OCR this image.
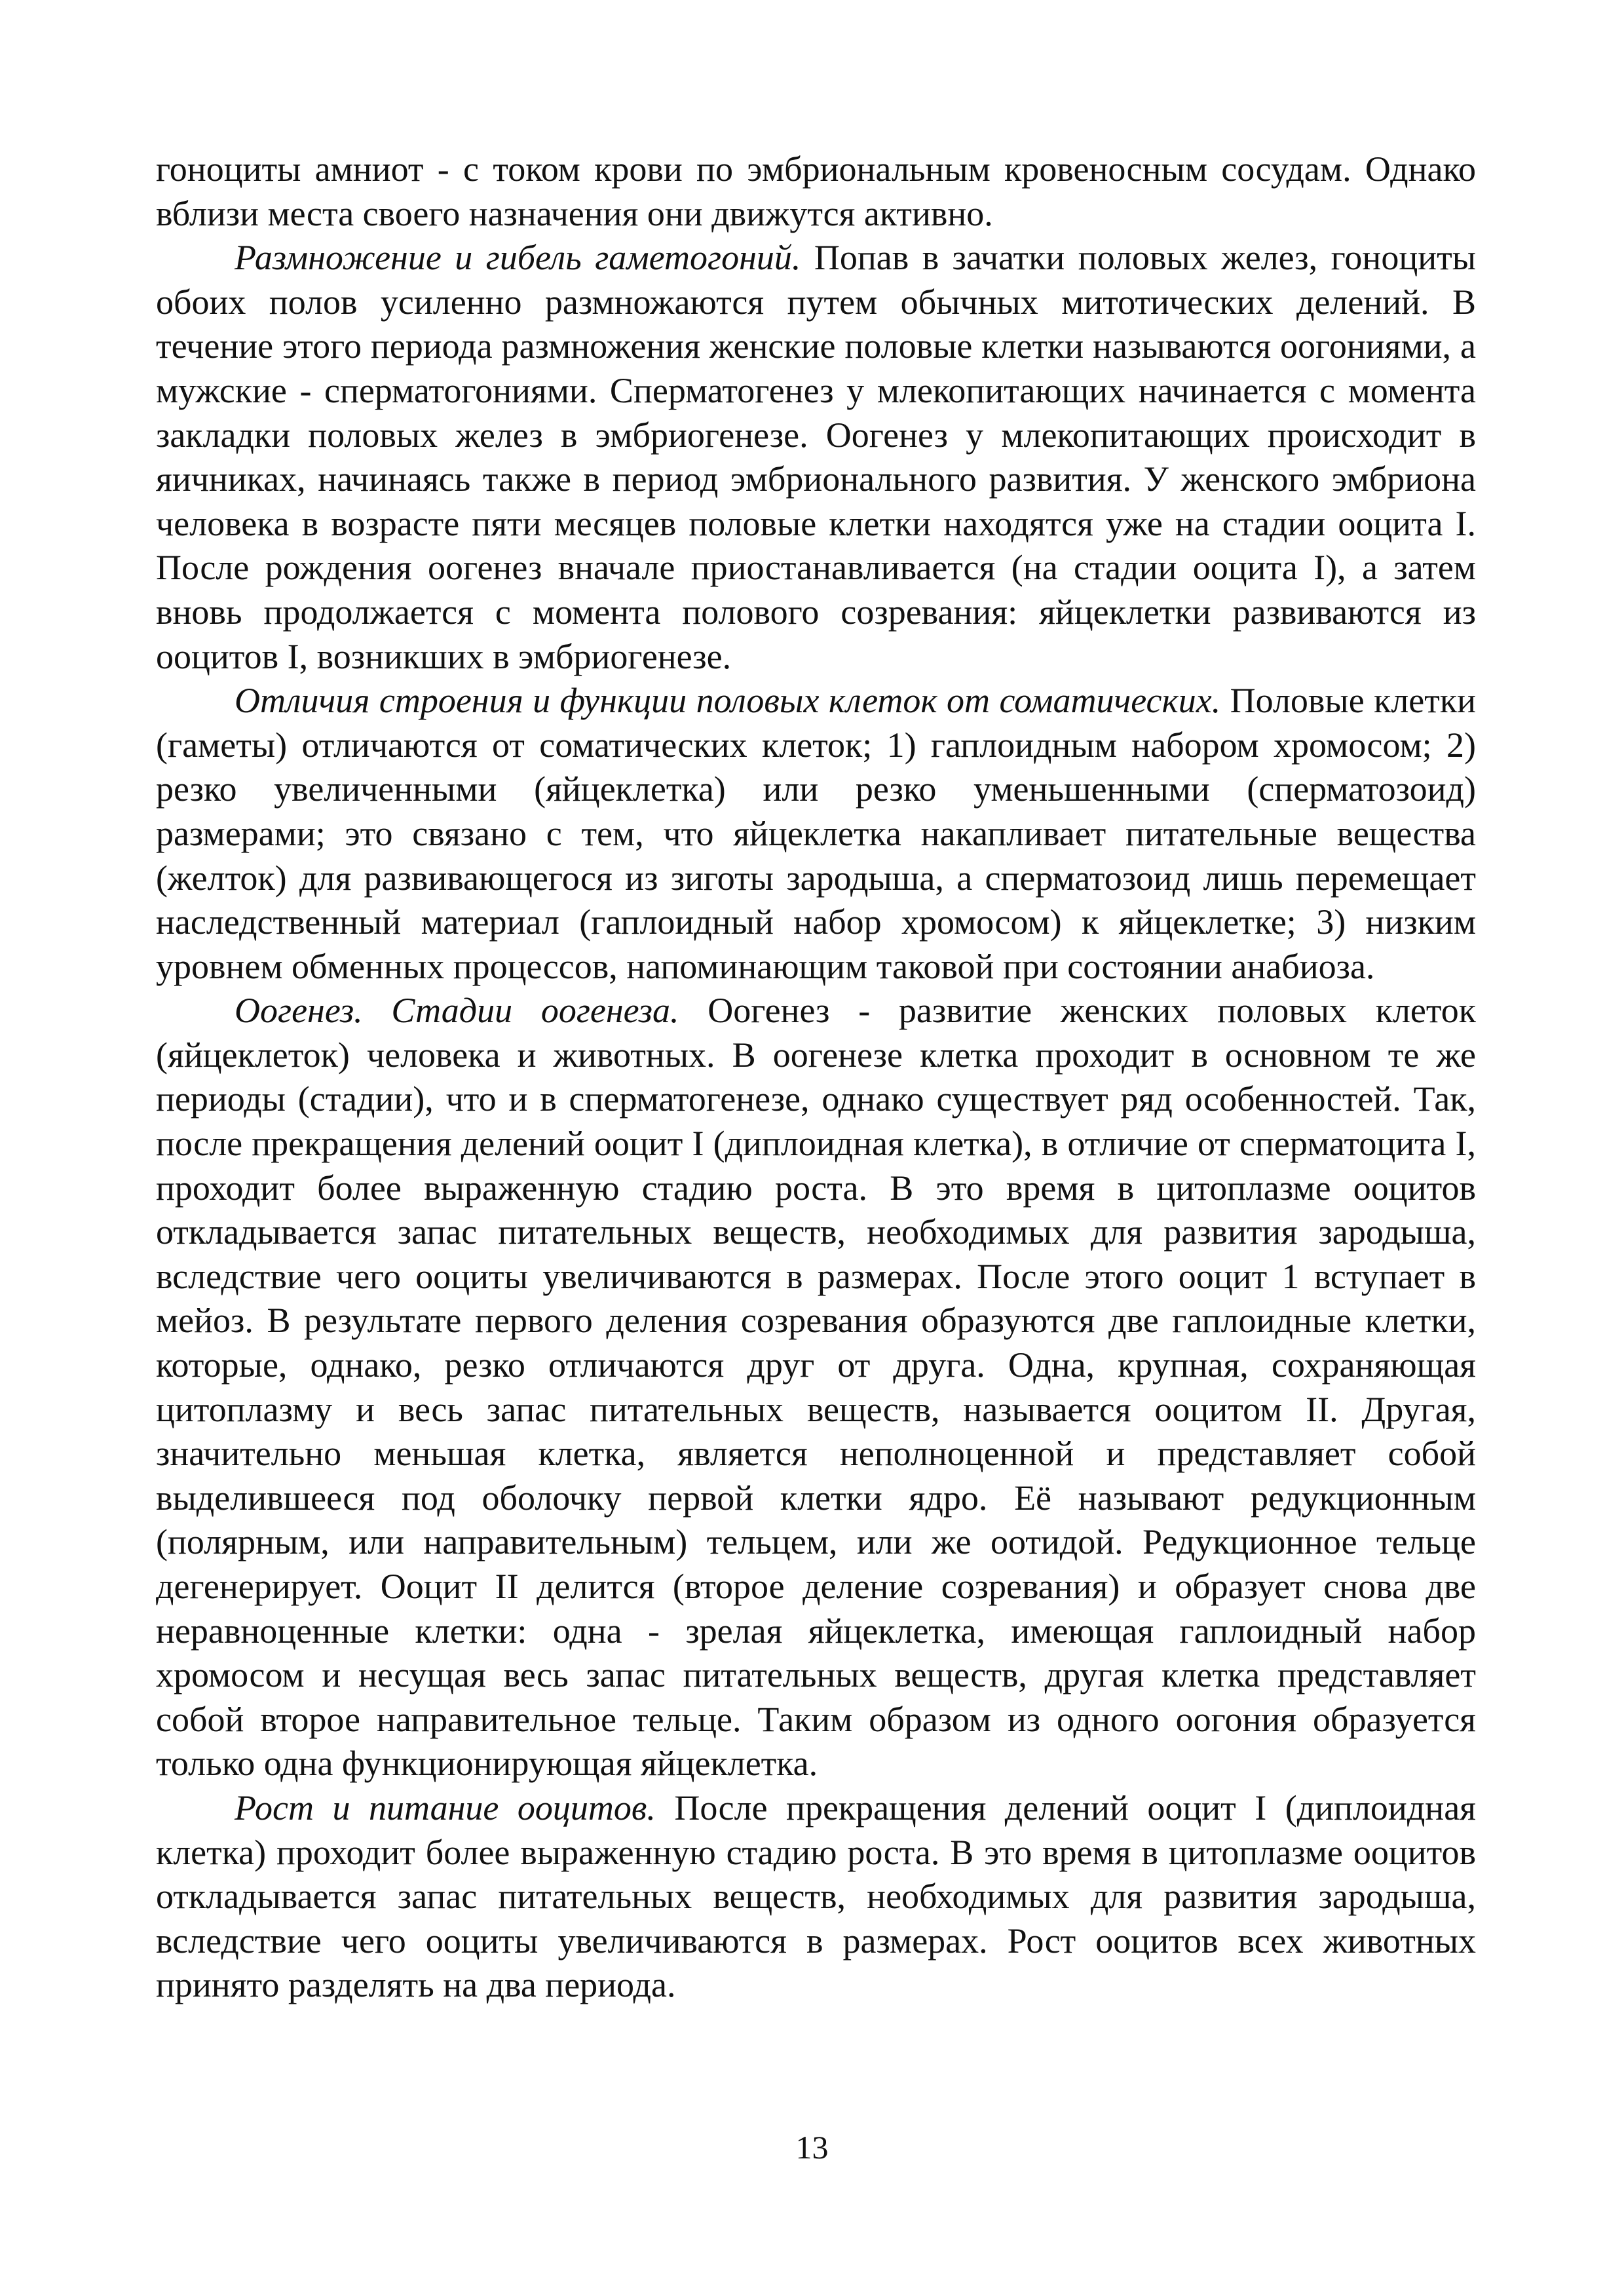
гоноциты амниот - с током крови по эмбриональным кровеносным сосудам. Однако вблизи места своего назначения они движутся активно.

Размножение и гибель гаметогоний. Попав в зачатки половых желез, гоноциты обоих полов усиленно размножаются путем обычных митотических делений. В течение этого периода размножения женские половые клетки называются оогониями, а мужские - сперматогониями. Сперматогенез у млекопитающих начинается с момента закладки половых желез в эмбриогенезе. Оогенез у млекопитающих происходит в яичниках, начинаясь также в период эмбрионального развития. У женского эмбриона человека в возрасте пяти месяцев половые клетки находятся уже на стадии ооцита I. После рождения оогенез вначале приостанавливается (на стадии ооцита I), а затем вновь продолжается с момента полового созревания: яйцеклетки развиваются из ооцитов I, возникших в эмбриогенезе.

Отличия строения и функции половых клеток от соматических. Половые клетки (гаметы) отличаются от соматических клеток; 1) гаплоидным набором хромосом; 2) резко увеличенными (яйцеклетка) или резко уменьшенными (сперматозоид) размерами; это связано с тем, что яйцеклетка накапливает питательные вещества (желток) для развивающегося из зиготы зародыша, а сперматозоид лишь перемещает наследственный материал (гаплоидный набор хромосом) к яйцеклетке; 3) низким уровнем обменных процессов, напоминающим таковой при состоянии анабиоза.

Оогенез. Стадии оогенеза. Оогенез - развитие женских половых клеток (яйцеклеток) человека и животных. В оогенезе клетка проходит в основном те же периоды (стадии), что и в сперматогенезе, однако существует ряд особенностей. Так, после прекращения делений ооцит I (диплоидная клетка), в отличие от сперматоцита I, проходит более выраженную стадию роста. В это время в цитоплазме ооцитов откладывается запас питательных веществ, необходимых для развития зародыша, вследствие чего ооциты увеличиваются в размерах. После этого ооцит 1 вступает в мейоз. В результате первого деления созревания образуются две гаплоидные клетки, которые, однако, резко отличаются друг от друга. Одна, крупная, сохраняющая цитоплазму и весь запас питательных веществ, называется ооцитом II. Другая, значительно меньшая клетка, является неполноценной и представляет собой выделившееся под оболочку первой клетки ядро. Её называют редукционным (полярным, или направительным) тельцем, или же оотидой. Редукционное тельце дегенерирует. Ооцит II делится (второе деление созревания) и образует снова две неравноценные клетки: одна - зрелая яйцеклетка, имеющая гаплоидный набор хромосом и несущая весь запас питательных веществ, другая клетка представляет собой второе направительное тельце. Таким образом из одного оогония образуется только одна функционирующая яйцеклетка.

Рост и питание ооцитов. После прекращения делений ооцит I (диплоидная клетка) проходит более выраженную стадию роста. В это время в цитоплазме ооцитов откладывается запас питательных веществ, необходимых для развития зародыша, вследствие чего ооциты увеличиваются в размерах. Рост ооцитов всех животных принято разделять на два периода.

13
